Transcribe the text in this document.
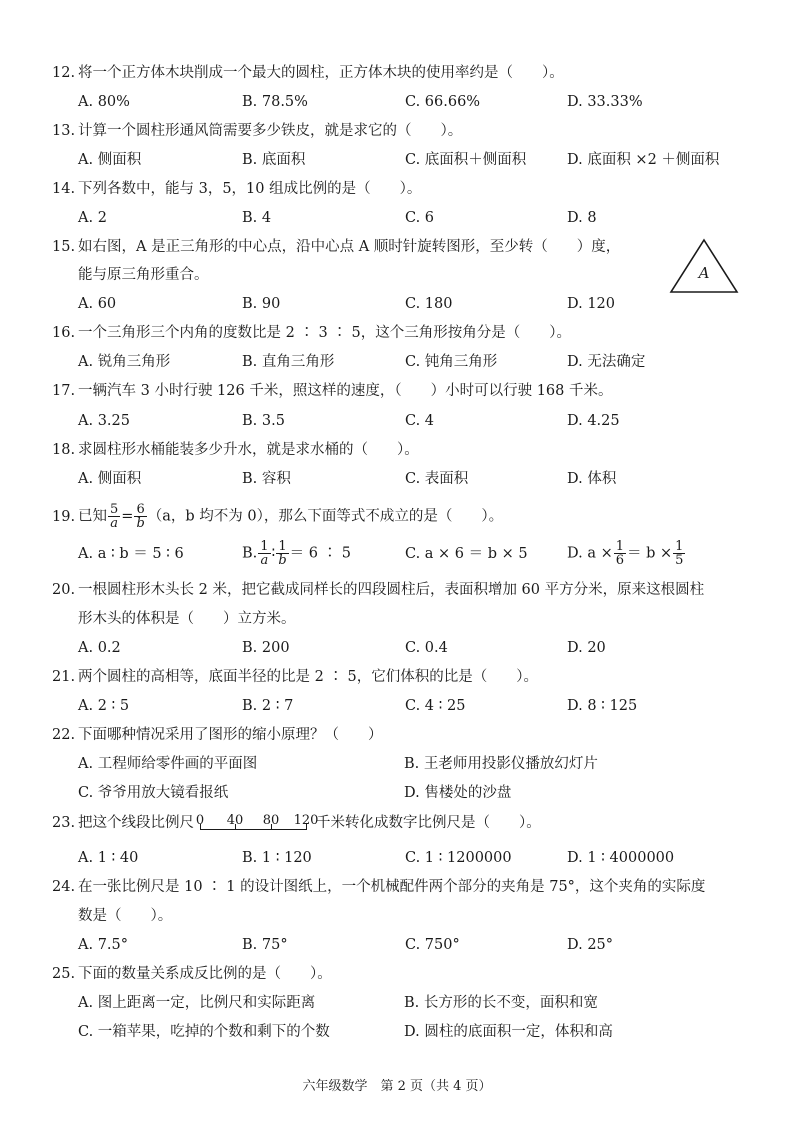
12. 将一个正方体木块削成一个最大的圆柱，正方体木块的使用率约是（　　）。
A. 80%	B. 78.5%	C. 66.66%	D. 33.33%
13. 计算一个圆柱形通风筒需要多少铁皮，就是求它的（　　）。
A. 侧面积	B. 底面积	C. 底面积＋侧面积	D. 底面积 ×2 ＋侧面积
14. 下列各数中，能与 3，5，10 组成比例的是（　　）。
A. 2	B. 4	C. 6	D. 8
15. 如右图，A 是正三角形的中心点，沿中心点 A 顺时针旋转图形，至少转（　　）度，
能与原三角形重合。	A
A. 60	B. 90	C. 180	D. 120
16. 一个三角形三个内角的度数比是 2 ∶ 3 ∶ 5，这个三角形按角分是（　　）。
A. 锐角三角形	B. 直角三角形	C. 钝角三角形	D. 无法确定
17. 一辆汽车 3 小时行驶 126 千米，照这样的速度，（　　）小时可以行驶 168 千米。
A. 3.25	B. 3.5	C. 4	D. 4.25
18. 求圆柱形水桶能装多少升水，就是求水桶的（　　）。
A. 侧面积	B. 容积	C. 表面积	D. 体积
19. 已知 $\frac{5}{a} = \frac{6}{b} (a$，b 均不为 0），那么下面等式不成立的是（　　）。
A. a ∶ b ＝ 5 ∶ 6	B. $\frac{1}{a}$ ∶ $\frac{1}{b} = 6$ ∶ 5	C. a × 6 ＝ b × 5	D. $a \times \frac{1}{6} = b \times \frac{1}{5}$
20. 一根圆柱形木头长 2 米，把它截成同样长的四段圆柱后，表面积增加 60 平方分米，原来这根圆柱
形木头的体积是（　　）立方米。
A. 0.2	B. 200	C. 0.4	D. 20
21. 两个圆柱的高相等，底面半径的比是 2 ∶ 5，它们体积的比是（　　）。
A. 2 ∶ 5	B. 2 ∶ 7	C. 4 ∶ 25	D. 8 ∶ 125
22. 下面哪种情况采用了图形的缩小原理？（　　）
A. 工程师给零件画的平面图	B. 王老师用投影仪播放幻灯片
C. 爷爷用放大镜看报纸	D. 售楼处的沙盘
23. 把这个线段比例尺 0 40 80 120
千米转化成数字比例尺是（　　）。
A. 1 ∶ 40	B. 1 ∶ 120	C. 1 ∶ 1200000	D. 1 ∶ 4000000
24. 在一张比例尺是 10 ∶ 1 的设计图纸上，一个机械配件两个部分的夹角是 75°，这个夹角的实际度
数是（　　）。
A. 7.5°	B. 75°	C. 750°	D. 25°
25. 下面的数量关系成反比例的是（　　）。
A. 图上距离一定，比例尺和实际距离	B. 长方形的长不变，面积和宽
C. 一箱苹果，吃掉的个数和剩下的个数	D. 圆柱的底面积一定，体积和高
六年级数学　第 2 页（共 4 页）
